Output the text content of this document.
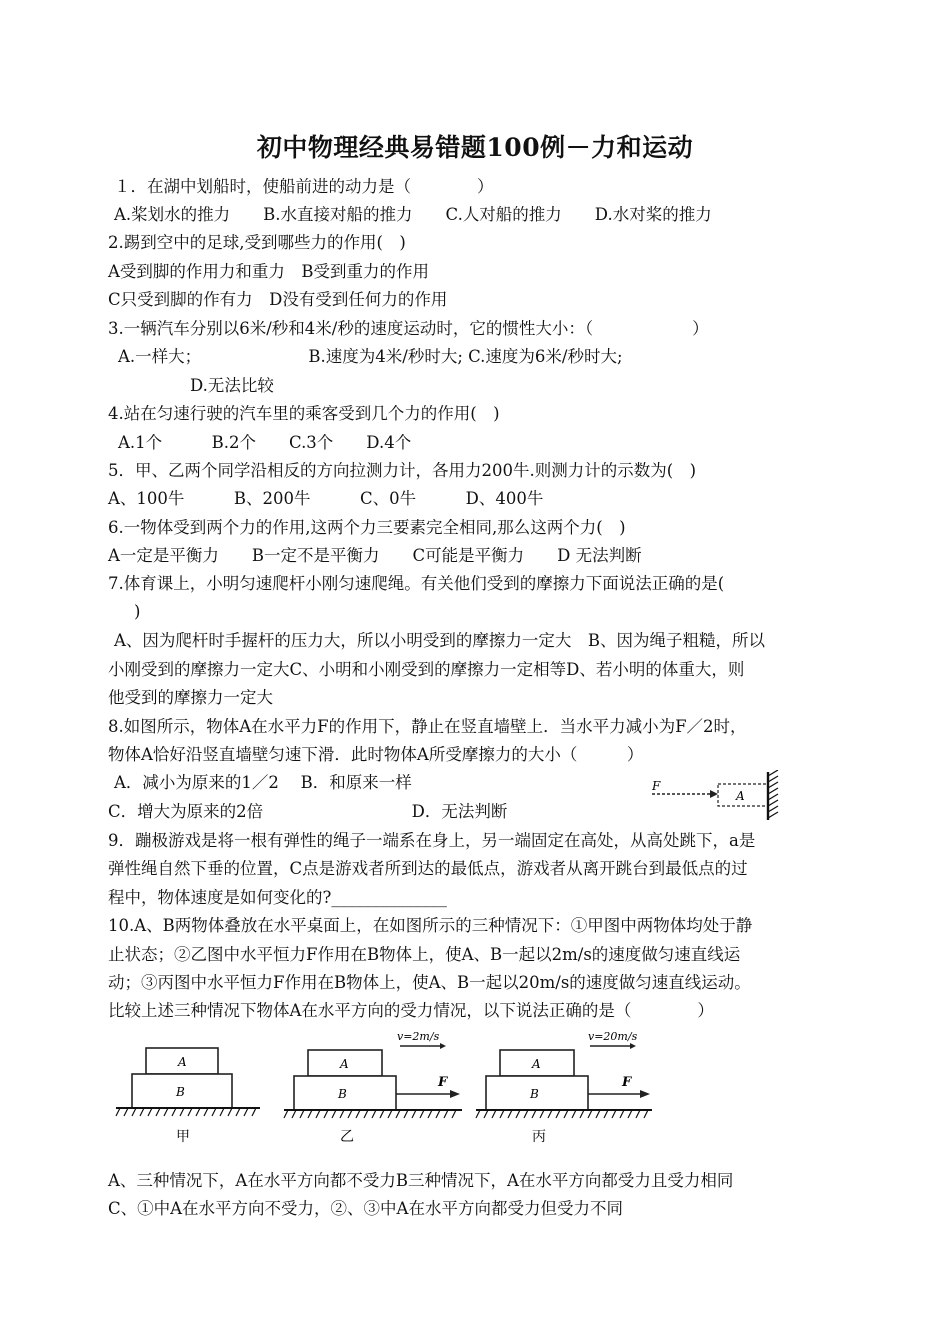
初中物理经典易错题100例－力和运动
１．在湖中划船时，使船前进的动力是（　　　　）
A.桨划水的推力　　B.水直接对船的推力　　C.人对船的推力　　D.水对桨的推力
2.踢到空中的足球,受到哪些力的作用(　)
A受到脚的作用力和重力　B受到重力的作用
C只受到脚的作有力　D没有受到任何力的作用
3.一辆汽车分别以6米/秒和4米/秒的速度运动时，它的惯性大小：（　　　　　　）
A.一样大；　　　　　　　B.速度为4米/秒时大; C.速度为6米/秒时大;
D.无法比较
4.站在匀速行驶的汽车里的乘客受到几个力的作用(　)
A.1个　　　B.2个　　C.3个　　D.4个
5．甲、乙两个同学沿相反的方向拉测力计，各用力200牛.则测力计的示数为(　)
A、100牛　　　B、200牛　　　C、0牛　　　D、400牛
6.一物体受到两个力的作用,这两个力三要素完全相同,那么这两个力(　)
A一定是平衡力　　B一定不是平衡力　　C可能是平衡力　　D 无法判断
7.体育课上，小明匀速爬杆小刚匀速爬绳。有关他们受到的摩擦力下面说法正确的是(
)
A、因为爬杆时手握杆的压力大，所以小明受到的摩擦力一定大　B、因为绳子粗糙，所以
小刚受到的摩擦力一定大C、小明和小刚受到的摩擦力一定相等D、若小明的体重大，则
他受到的摩擦力一定大
8.如图所示，物体A在水平力F的作用下，静止在竖直墙壁上．当水平力减小为F／2时，
物体A恰好沿竖直墙壁匀速下滑．此时物体A所受摩擦力的大小（　　　）
A．减小为原来的1／2　 B．和原来一样
C．增大为原来的2倍　　　　　　　　　D．无法判断
F
A
9．蹦极游戏是将一根有弹性的绳子一端系在身上，另一端固定在高处，从高处跳下，a是
弹性绳自然下垂的位置，C点是游戏者所到达的最低点，游戏者从离开跳台到最低点的过
程中，物体速度是如何变化的?______________
10.A、B两物体叠放在水平桌面上，在如图所示的三种情况下：①甲图中两物体均处于静
止状态；②乙图中水平恒力F作用在B物体上，使A、B一起以2m/s的速度做匀速直线运
动；③丙图中水平恒力F作用在B物体上，使A、B一起以20m/s的速度做匀速直线运动。
比较上述三种情况下物体A在水平方向的受力情况，以下说法正确的是（　　　　）
A
B
甲
v=2m/s
A
B
F
乙
v=20m/s
A
B
F
丙
A、三种情况下，A在水平方向都不受力B三种情况下，A在水平方向都受力且受力相同
C、①中A在水平方向不受力，②、③中A在水平方向都受力但受力不同
